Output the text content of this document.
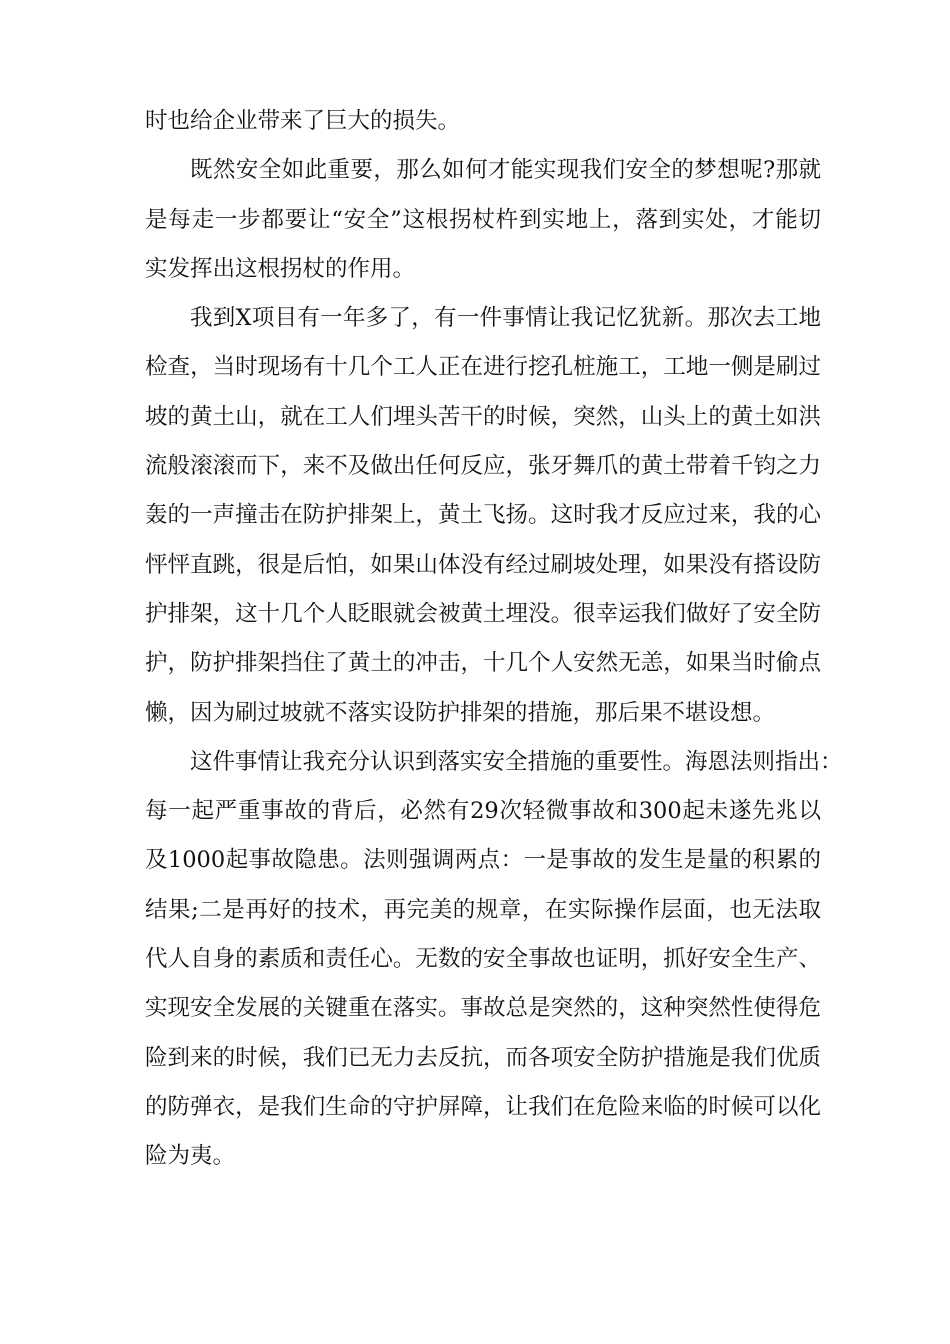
时也给企业带来了巨大的损失。
既然安全如此重要，那么如何才能实现我们安全的梦想呢?那就
是每走一步都要让“安全”这根拐杖杵到实地上，落到实处，才能切
实发挥出这根拐杖的作用。
我到X项目有一年多了，有一件事情让我记忆犹新。那次去工地
检查，当时现场有十几个工人正在进行挖孔桩施工，工地一侧是刷过
坡的黄土山，就在工人们埋头苦干的时候，突然，山头上的黄土如洪
流般滚滚而下，来不及做出任何反应，张牙舞爪的黄土带着千钧之力
轰的一声撞击在防护排架上，黄土飞扬。这时我才反应过来，我的心
怦怦直跳，很是后怕，如果山体没有经过刷坡处理，如果没有搭设防
护排架，这十几个人眨眼就会被黄土埋没。很幸运我们做好了安全防
护，防护排架挡住了黄土的冲击，十几个人安然无恙，如果当时偷点
懒，因为刷过坡就不落实设防护排架的措施，那后果不堪设想。
这件事情让我充分认识到落实安全措施的重要性。海恩法则指出：
每一起严重事故的背后，必然有29次轻微事故和300起未遂先兆以
及1000起事故隐患。法则强调两点：一是事故的发生是量的积累的
结果;二是再好的技术，再完美的规章，在实际操作层面，也无法取
代人自身的素质和责任心。无数的安全事故也证明，抓好安全生产、
实现安全发展的关键重在落实。事故总是突然的，这种突然性使得危
险到来的时候，我们已无力去反抗，而各项安全防护措施是我们优质
的防弹衣，是我们生命的守护屏障，让我们在危险来临的时候可以化
险为夷。
